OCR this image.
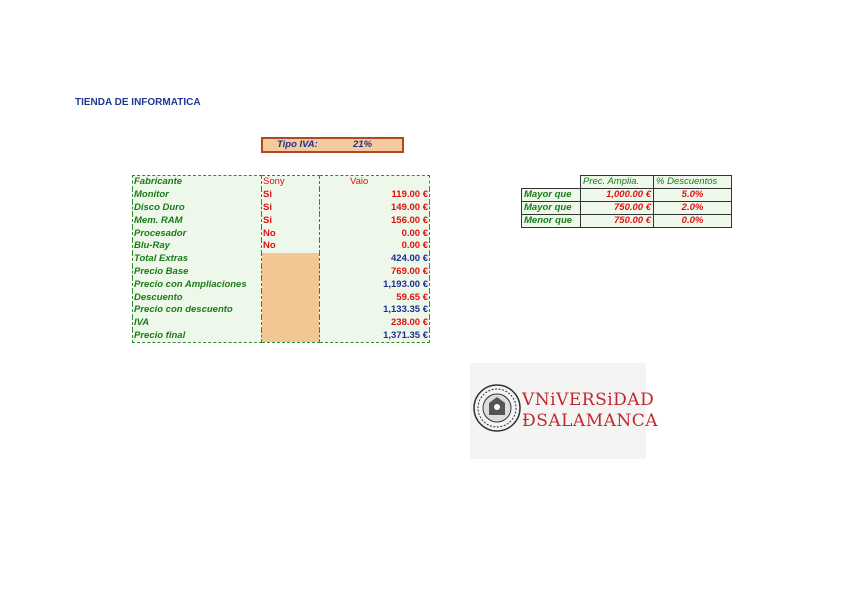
TIENDA DE INFORMATICA
Tipo IVA:	21%
Fabricante	Sony	Vaio
Monitor	Si	119.00 €
Disco Duro	Si	149.00 €
Mem. RAM	Si	156.00 €
Procesador	No	0.00 €
Blu-Ray	No	0.00 €
Total Extras		424.00 €
Precio Base		769.00 €
Precio con Ampliaciones		1,193.00 €
Descuento		59.65 €
Precio con descuento		1,133.35 €
IVA		238.00 €
Precio final		1,371.35 €
	Prec. Amplia.	% Descuentos
Mayor que	1,000.00 €	5.0%
Mayor que	750.00 €	2.0%
Menor que	750.00 €	0.0%
VNiVERSiDAD
ÐSALAMANCA
